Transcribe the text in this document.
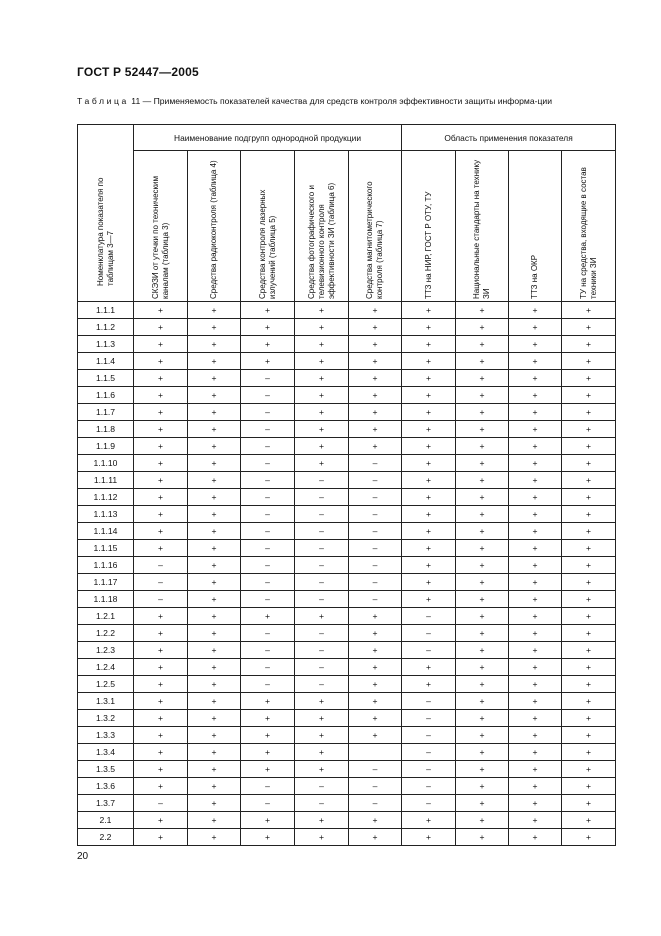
ГОСТ Р 52447—2005
Таблица 11 — Применяемость показателей качества для средств контроля эффективности защиты информа-ции
Номенклатура показателя по таблицам 3—7	Наименование подгрупп однородной продукции					Область применения показателя			

	СКЭЗИ от утечки по техническим каналам (таблица 3)	Средства радиоконтроля (таблица 4)	Средства контроля лазерных излучений (таблица 5)	Средства фотографического и телевизионного контроля эффективности ЗИ (таблица 6)	Средства магнитометрического контроля (таблица 7)	ТТЗ на НИР, ГОСТ Р ОТУ, ТУ	Национальные стандарты на технику ЗИ	ТТЗ на ОКР	ТУ на средства, входящие в состав техники ЗИ

1.1.1	+	+	+	+	+	+	+	+	+
1.1.2	+	+	+	+	+	+	+	+	+
1.1.3	+	+	+	+	+	+	+	+	+
1.1.4	+	+	+	+	+	+	+	+	+
1.1.5	+	+	–	+	+	+	+	+	+
1.1.6	+	+	–	+	+	+	+	+	+
1.1.7	+	+	–	+	+	+	+	+	+
1.1.8	+	+	–	+	+	+	+	+	+
1.1.9	+	+	–	+	+	+	+	+	+
1.1.10	+	+	–	+	–	+	+	+	+
1.1.11	+	+	–	–	–	+	+	+	+
1.1.12	+	+	–	–	–	+	+	+	+
1.1.13	+	+	–	–	–	+	+	+	+
1.1.14	+	+	–	–	–	+	+	+	+
1.1.15	+	+	–	–	–	+	+	+	+
1.1.16	–	+	–	–	–	+	+	+	+
1.1.17	–	+	–	–	–	+	+	+	+
1.1.18	–	+	–	–	–	+	+	+	+
1.2.1	+	+	+	+	+	–	+	+	+
1.2.2	+	+	–	–	+	–	+	+	+
1.2.3	+	+	–	–	+	–	+	+	+
1.2.4	+	+	–	–	+	+	+	+	+
1.2.5	+	+	–	–	+	+	+	+	+
1.3.1	+	+	+	+	+	–	+	+	+
1.3.2	+	+	+	+	+	–	+	+	+
1.3.3	+	+	+	+	+	–	+	+	+
1.3.4	+	+	+	+		–	+	+	+
1.3.5	+	+	+	+	–	–	+	+	+
1.3.6	+	+	–	–	–	–	+	+	+
1.3.7	–	+	–	–	–	–	+	+	+
2.1	+	+	+	+	+	+	+	+	+
2.2	+	+	+	+	+	+	+	+	+
20
